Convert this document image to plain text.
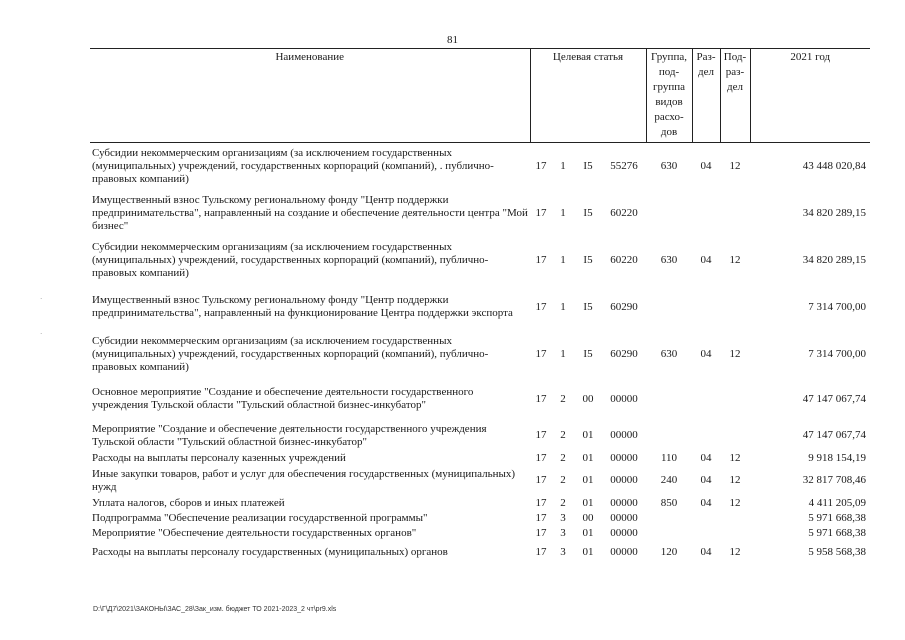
81
Наименование	Целевая статья				Группа, под-группа видов расхо-дов	Раз-дел	Под-раз-дел	2021 год
Субсидии некоммерческим организациям (за исключением государственных (муниципальных) учреждений, государственных корпораций (компаний), . публично-правовых компаний)	17	1	I5	55276	630	04	12	43 448 020,84
Имущественный взнос Тульскому региональному фонду "Центр поддержки предпринимательства", направленный на создание и обеспечение деятельности центра "Мой бизнес"	17	1	I5	60220				34 820 289,15
Субсидии некоммерческим организациям (за исключением государственных (муниципальных) учреждений, государственных корпораций (компаний), публично-правовых компаний)	17	1	I5	60220	630	04	12	34 820 289,15
Имущественный взнос Тульскому региональному фонду "Центр поддержки предпринимательства", направленный на функционирование Центра поддержки экспорта	17	1	I5	60290				7 314 700,00
Субсидии некоммерческим организациям (за исключением государственных (муниципальных) учреждений, государственных корпораций (компаний), публично-правовых компаний)	17	1	I5	60290	630	04	12	7 314 700,00
Основное мероприятие "Создание и обеспечение деятельности государственного учреждения Тульской области "Тульский областной бизнес-инкубатор"	17	2	00	00000				47 147 067,74
Мероприятие "Создание и обеспечение деятельности государственного учреждения Тульской области "Тульский областной бизнес-инкубатор"	17	2	01	00000				47 147 067,74
Расходы на выплаты персоналу казенных учреждений	17	2	01	00000	110	04	12	9 918 154,19
Иные закупки товаров, работ и услуг для обеспечения государственных (муниципальных) нужд	17	2	01	00000	240	04	12	32 817 708,46
Уплата налогов, сборов и иных платежей	17	2	01	00000	850	04	12	4 411 205,09
Подпрограмма "Обеспечение реализации государственной программы"	17	3	00	00000				5 971 668,38
Мероприятие "Обеспечение деятельности государственных органов"	17	3	01	00000				5 971 668,38
Расходы на выплаты персоналу государственных (муниципальных) органов	17	3	01	00000	120	04	12	5 958 568,38
·
·
D:\Г\Д7\2021\ЗАКОНЫ\ЗАС_28\Зак_изм. бюджет ТО 2021-2023_2 чт\pr9.xls
